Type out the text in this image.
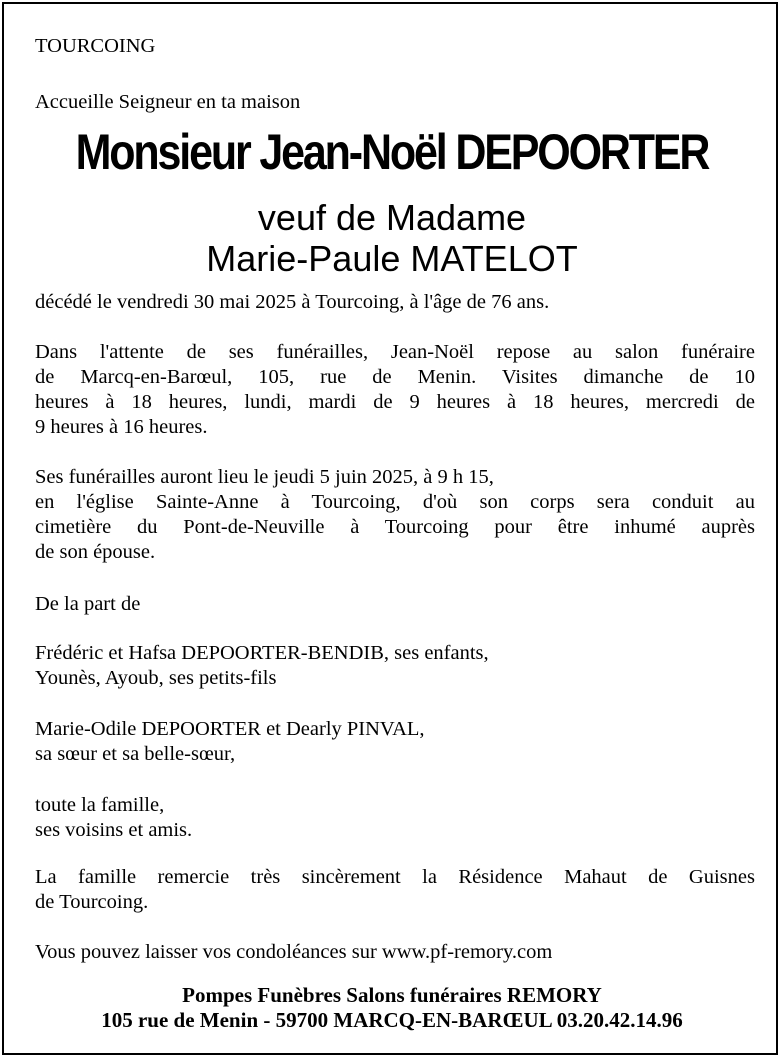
TOURCOING
Accueille Seigneur en ta maison
Monsieur Jean-Noël DEPOORTER
veuf de Madame
Marie-Paule MATELOT
décédé le vendredi 30 mai 2025 à Tourcoing, à l'âge de 76 ans.
Dans l'attente de ses funérailles, Jean-Noël repose au salon funéraire
de Marcq-en-Barœul, 105, rue de Menin. Visites dimanche de 10
heures à 18 heures, lundi, mardi de 9 heures à 18 heures, mercredi de
9 heures à 16 heures.
Ses funérailles auront lieu le jeudi 5 juin 2025, à 9 h 15,
en l'église Sainte-Anne à Tourcoing, d'où son corps sera conduit au
cimetière du Pont-de-Neuville à Tourcoing pour être inhumé auprès
de son épouse.
De la part de
Frédéric et Hafsa DEPOORTER-BENDIB, ses enfants,
Younès, Ayoub, ses petits-fils
Marie-Odile DEPOORTER et Dearly PINVAL,
sa sœur et sa belle-sœur,
toute la famille,
ses voisins et amis.
La famille remercie très sincèrement la Résidence Mahaut de Guisnes
de Tourcoing.
Vous pouvez laisser vos condoléances sur www.pf-remory.com
Pompes Funèbres Salons funéraires REMORY
105 rue de Menin - 59700 MARCQ-EN-BARŒUL 03.20.42.14.96
